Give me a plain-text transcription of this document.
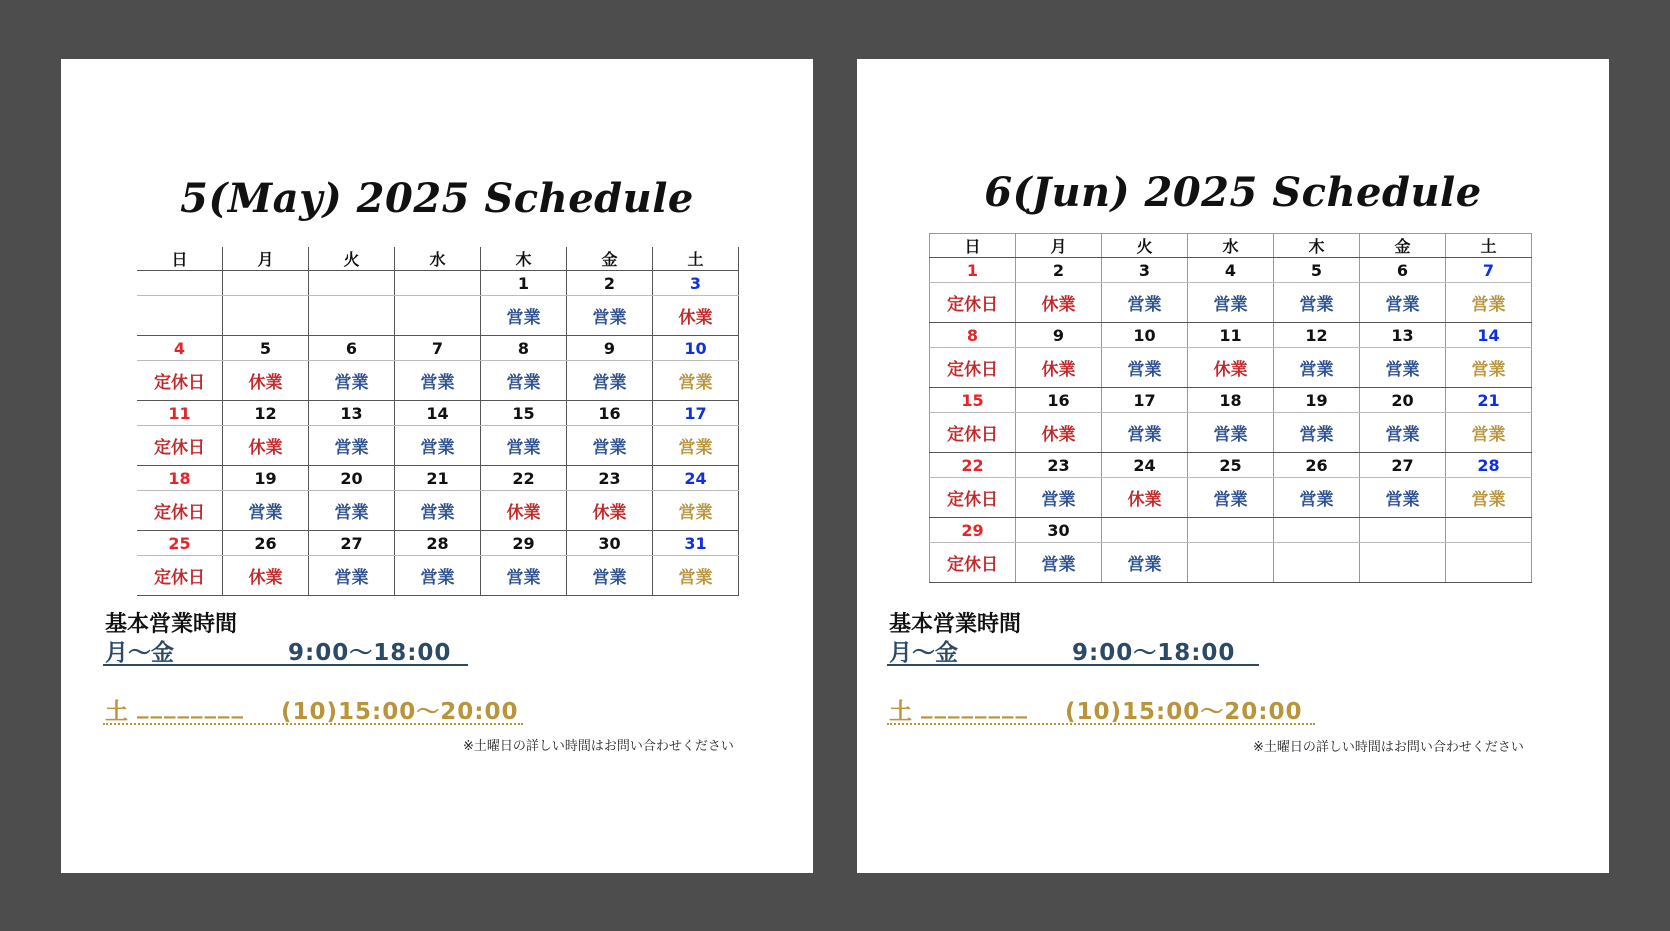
5(May) 2025 Schedule
日	月	火	水	木	金	土
				1	2	3
				営業	営業	休業
4	5	6	7	8	9	10
定休日	休業	営業	営業	営業	営業	営業
11	12	13	14	15	16	17
定休日	休業	営業	営業	営業	営業	営業
18	19	20	21	22	23	24
定休日	営業	営業	営業	休業	休業	営業
25	26	27	28	29	30	31
定休日	休業	営業	営業	営業	営業	営業
基本営業時間
月〜金	9:00〜18:00
土 ________ (10)15:00〜20:00
※土曜日の詳しい時間はお問い合わせください
6(Jun) 2025 Schedule
日	月	火	水	木	金	土
1	2	3	4	5	6	7
定休日	休業	営業	営業	営業	営業	営業
8	9	10	11	12	13	14
定休日	休業	営業	休業	営業	営業	営業
15	16	17	18	19	20	21
定休日	休業	営業	営業	営業	営業	営業
22	23	24	25	26	27	28
定休日	営業	休業	営業	営業	営業	営業
29	30					
定休日	営業	営業				
基本営業時間
月〜金	9:00〜18:00
土 ________ (10)15:00〜20:00
※土曜日の詳しい時間はお問い合わせください
